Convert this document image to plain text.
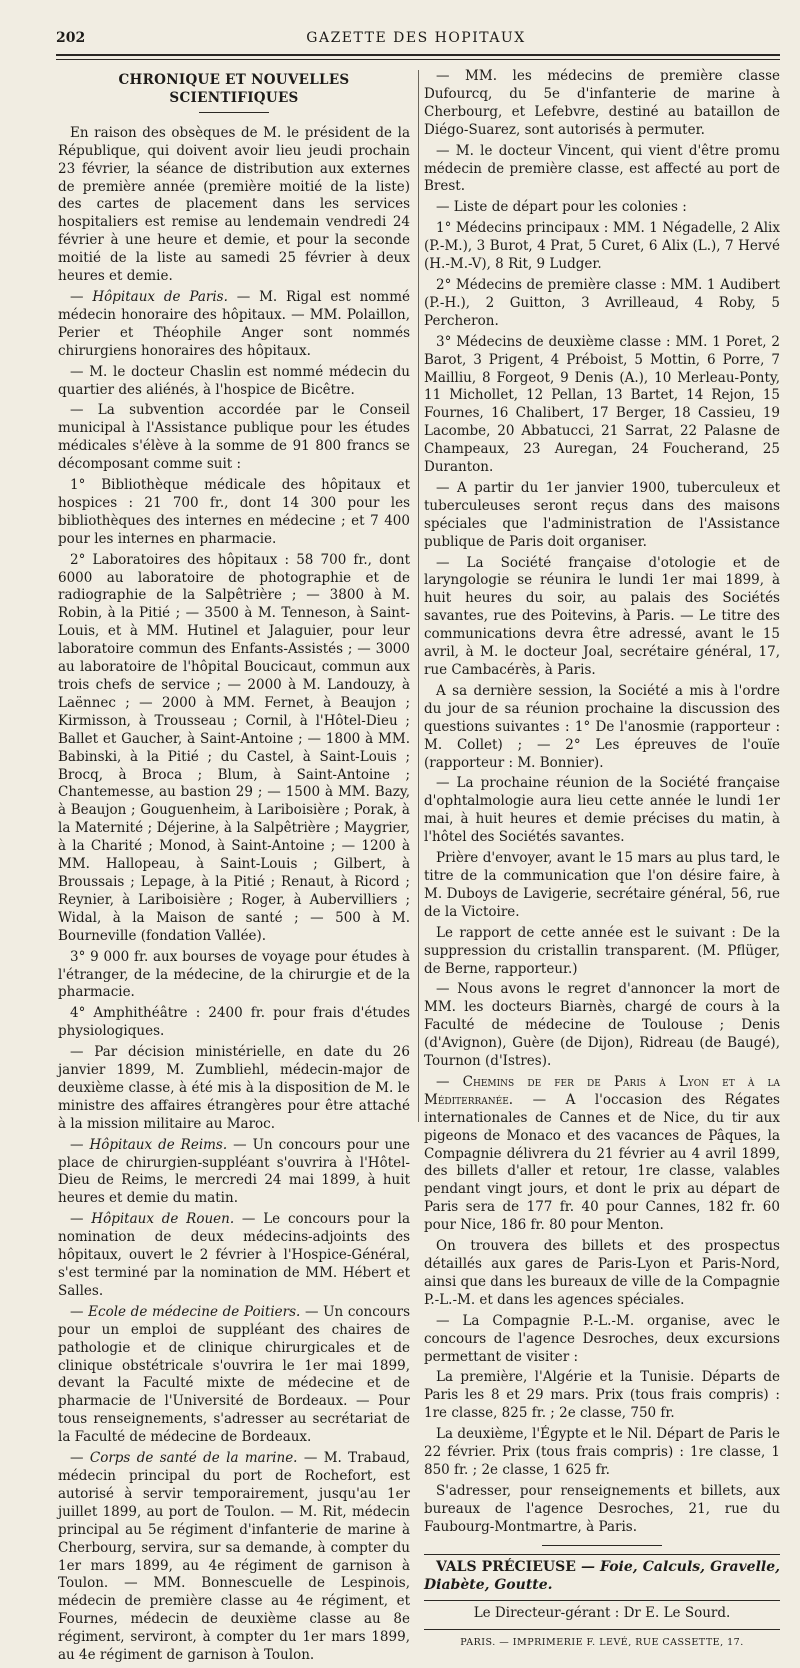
202	GAZETTE DES HOPITAUX
CHRONIQUE ET NOUVELLES SCIENTIFIQUES

En raison des obsèques de M. le président de la République, qui doivent avoir lieu jeudi prochain 23 février, la séance de distribution aux externes de première année (première moitié de la liste) des cartes de placement dans les services hospitaliers est remise au lendemain vendredi 24 février à une heure et demie, et pour la seconde moitié de la liste au samedi 25 février à deux heures et demie.

— Hôpitaux de Paris. — M. Rigal est nommé médecin honoraire des hôpitaux. — MM. Polaillon, Perier et Théophile Anger sont nommés chirurgiens honoraires des hôpitaux.

— M. le docteur Chaslin est nommé médecin du quartier des aliénés, à l'hospice de Bicêtre.

— La subvention accordée par le Conseil municipal à l'Assistance publique pour les études médicales s'élève à la somme de 91 800 francs se décomposant comme suit :

1° Bibliothèque médicale des hôpitaux et hospices : 21 700 fr., dont 14 300 pour les bibliothèques des internes en médecine ; et 7 400 pour les internes en pharmacie.

2° Laboratoires des hôpitaux : 58 700 fr., dont 6000 au laboratoire de photographie et de radiographie de la Salpêtrière ; — 3800 à M. Robin, à la Pitié ; — 3500 à M. Tenneson, à Saint-Louis, et à MM. Hutinel et Jalaguier, pour leur laboratoire commun des Enfants-Assistés ; — 3000 au laboratoire de l'hôpital Boucicaut, commun aux trois chefs de service ; — 2000 à M. Landouzy, à Laënnec ; — 2000 à MM. Fernet, à Beaujon ; Kirmisson, à Trousseau ; Cornil, à l'Hôtel-Dieu ; Ballet et Gaucher, à Saint-Antoine ; — 1800 à MM. Babinski, à la Pitié ; du Castel, à Saint-Louis ; Brocq, à Broca ; Blum, à Saint-Antoine ; Chantemesse, au bastion 29 ; — 1500 à MM. Bazy, à Beaujon ; Gouguenheim, à Lariboisière ; Porak, à la Maternité ; Déjerine, à la Salpêtrière ; Maygrier, à la Charité ; Monod, à Saint-Antoine ; — 1200 à MM. Hallopeau, à Saint-Louis ; Gilbert, à Broussais ; Lepage, à la Pitié ; Renaut, à Ricord ; Reynier, à Lariboisière ; Roger, à Aubervilliers ; Widal, à la Maison de santé ; — 500 à M. Bourneville (fondation Vallée).

3° 9 000 fr. aux bourses de voyage pour études à l'étranger, de la médecine, de la chirurgie et de la pharmacie.

4° Amphithéâtre : 2400 fr. pour frais d'études physiologiques.

— Par décision ministérielle, en date du 26 janvier 1899, M. Zumbliehl, médecin-major de deuxième classe, à été mis à la disposition de M. le ministre des affaires étrangères pour être attaché à la mission militaire au Maroc.

— Hôpitaux de Reims. — Un concours pour une place de chirurgien-suppléant s'ouvrira à l'Hôtel-Dieu de Reims, le mercredi 24 mai 1899, à huit heures et demie du matin.

— Hôpitaux de Rouen. — Le concours pour la nomination de deux médecins-adjoints des hôpitaux, ouvert le 2 février à l'Hospice-Général, s'est terminé par la nomination de MM. Hébert et Salles.

— Ecole de médecine de Poitiers. — Un concours pour un emploi de suppléant des chaires de pathologie et de clinique chirurgicales et de clinique obstétricale s'ouvrira le 1er mai 1899, devant la Faculté mixte de médecine et de pharmacie de l'Université de Bordeaux. — Pour tous renseignements, s'adresser au secrétariat de la Faculté de médecine de Bordeaux.

— Corps de santé de la marine. — M. Trabaud, médecin principal du port de Rochefort, est autorisé à servir temporairement, jusqu'au 1er juillet 1899, au port de Toulon. — M. Rit, médecin principal au 5e régiment d'infanterie de marine à Cherbourg, servira, sur sa demande, à compter du 1er mars 1899, au 4e régiment de garnison à Toulon. — MM. Bonnescuelle de Lespinois, médecin de première classe au 4e régiment, et Fournes, médecin de deuxième classe au 8e régiment, serviront, à compter du 1er mars 1899, au 4e régiment de garnison à Toulon.

— MM. les médecins de première classe Dufourcq, du 5e d'infanterie de marine à Cherbourg, et Lefebvre, destiné au bataillon de Diégo-Suarez, sont autorisés à permuter.

— M. le docteur Vincent, qui vient d'être promu médecin de première classe, est affecté au port de Brest.

— Liste de départ pour les colonies :

1° Médecins principaux : MM. 1 Négadelle, 2 Alix (P.-M.), 3 Burot, 4 Prat, 5 Curet, 6 Alix (L.), 7 Hervé (H.-M.-V), 8 Rit, 9 Ludger.

2° Médecins de première classe : MM. 1 Audibert (P.-H.), 2 Guitton, 3 Avrilleaud, 4 Roby, 5 Percheron.

3° Médecins de deuxième classe : MM. 1 Poret, 2 Barot, 3 Prigent, 4 Préboist, 5 Mottin, 6 Porre, 7 Mailliu, 8 Forgeot, 9 Denis (A.), 10 Merleau-Ponty, 11 Michollet, 12 Pellan, 13 Bartet, 14 Rejon, 15 Fournes, 16 Chalibert, 17 Berger, 18 Cassieu, 19 Lacombe, 20 Abbatucci, 21 Sarrat, 22 Palasne de Champeaux, 23 Auregan, 24 Foucherand, 25 Duranton.

— A partir du 1er janvier 1900, tuberculeux et tuberculeuses seront reçus dans des maisons spéciales que l'administration de l'Assistance publique de Paris doit organiser.

— La Société française d'otologie et de laryngologie se réunira le lundi 1er mai 1899, à huit heures du soir, au palais des Sociétés savantes, rue des Poitevins, à Paris. — Le titre des communications devra être adressé, avant le 15 avril, à M. le docteur Joal, secrétaire général, 17, rue Cambacérès, à Paris.

A sa dernière session, la Société a mis à l'ordre du jour de sa réunion prochaine la discussion des questions suivantes : 1° De l'anosmie (rapporteur : M. Collet) ; — 2° Les épreuves de l'ouïe (rapporteur : M. Bonnier).

— La prochaine réunion de la Société française d'ophtalmologie aura lieu cette année le lundi 1er mai, à huit heures et demie précises du matin, à l'hôtel des Sociétés savantes.

Prière d'envoyer, avant le 15 mars au plus tard, le titre de la communication que l'on désire faire, à M. Duboys de Lavigerie, secrétaire général, 56, rue de la Victoire.

Le rapport de cette année est le suivant : De la suppression du cristallin transparent. (M. Pflüger, de Berne, rapporteur.)

— Nous avons le regret d'annoncer la mort de MM. les docteurs Biarnès, chargé de cours à la Faculté de médecine de Toulouse ; Denis (d'Avignon), Guère (de Dijon), Ridreau (de Baugé), Tournon (d'Istres).

— Chemins de fer de Paris à Lyon et à la Méditerranée. — A l'occasion des Régates internationales de Cannes et de Nice, du tir aux pigeons de Monaco et des vacances de Pâques, la Compagnie délivrera du 21 février au 4 avril 1899, des billets d'aller et retour, 1re classe, valables pendant vingt jours, et dont le prix au départ de Paris sera de 177 fr. 40 pour Cannes, 182 fr. 60 pour Nice, 186 fr. 80 pour Menton.

On trouvera des billets et des prospectus détaillés aux gares de Paris-Lyon et Paris-Nord, ainsi que dans les bureaux de ville de la Compagnie P.-L.-M. et dans les agences spéciales.

— La Compagnie P.-L.-M. organise, avec le concours de l'agence Desroches, deux excursions permettant de visiter :

La première, l'Algérie et la Tunisie. Départs de Paris les 8 et 29 mars. Prix (tous frais compris) : 1re classe, 825 fr. ; 2e classe, 750 fr.

La deuxième, l'Égypte et le Nil. Départ de Paris le 22 février. Prix (tous frais compris) : 1re classe, 1 850 fr. ; 2e classe, 1 625 fr.

S'adresser, pour renseignements et billets, aux bureaux de l'agence Desroches, 21, rue du Faubourg-Montmartre, à Paris.

VALS PRÉCIEUSE — Foie, Calculs, Gravelle, Diabète, Goutte.

Le Directeur-gérant : Dr E. Le Sourd.
PARIS. — IMPRIMERIE F. LEVÉ, RUE CASSETTE, 17.
